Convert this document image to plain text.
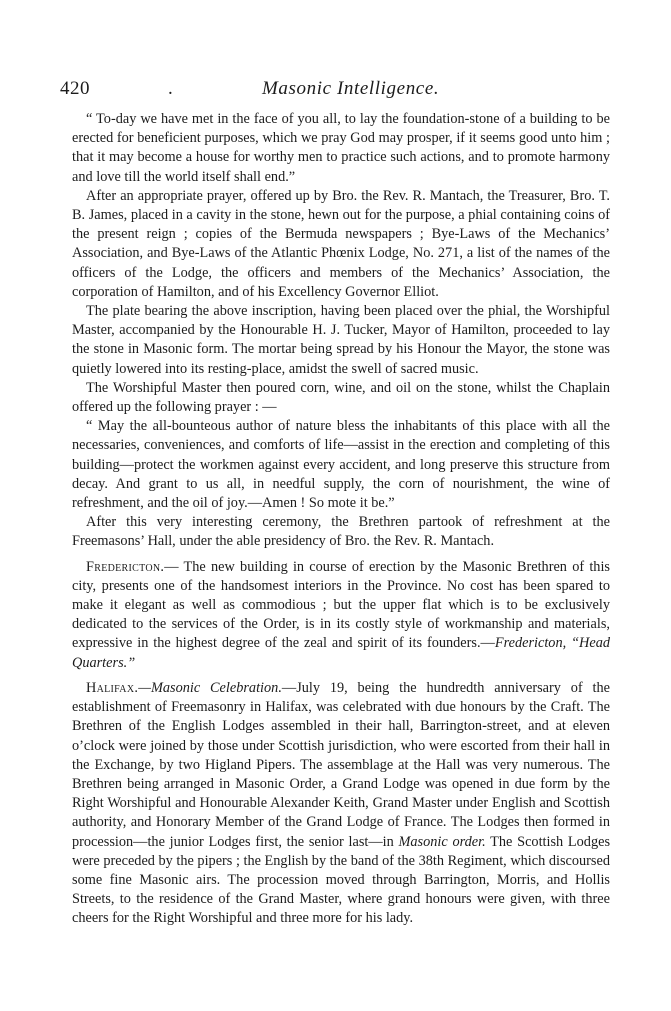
420	.	Masonic Intelligence.

“ To-day we have met in the face of you all, to lay the foundation-stone of a building to be erected for beneficient purposes, which we pray God may prosper, if it seems good unto him ; that it may become a house for worthy men to practice such actions, and to promote harmony and love till the world itself shall end.”

After an appropriate prayer, offered up by Bro. the Rev. R. Mantach, the Treasurer, Bro. T. B. James, placed in a cavity in the stone, hewn out for the purpose, a phial containing coins of the present reign ; copies of the Bermuda newspapers ; Bye-Laws of the Mechanics’ Association, and Bye-Laws of the Atlantic Phœnix Lodge, No. 271, a list of the names of the officers of the Lodge, the officers and members of the Mechanics’ Association, the corporation of Hamilton, and of his Excellency Governor Elliot.

The plate bearing the above inscription, having been placed over the phial, the Worshipful Master, accompanied by the Honourable H. J. Tucker, Mayor of Hamilton, proceeded to lay the stone in Masonic form. The mortar being spread by his Honour the Mayor, the stone was quietly lowered into its resting-place, amidst the swell of sacred music.

The Worshipful Master then poured corn, wine, and oil on the stone, whilst the Chaplain offered up the following prayer : —

“ May the all-bounteous author of nature bless the inhabitants of this place with all the necessaries, conveniences, and comforts of life—assist in the erection and completing of this building—protect the workmen against every accident, and long preserve this structure from decay. And grant to us all, in needful supply, the corn of nourishment, the wine of refreshment, and the oil of joy.—Amen ! So mote it be.”

After this very interesting ceremony, the Brethren partook of refreshment at the Freemasons’ Hall, under the able presidency of Bro. the Rev. R. Mantach.

Fredericton.— The new building in course of erection by the Masonic Brethren of this city, presents one of the handsomest interiors in the Province. No cost has been spared to make it elegant as well as commodious ; but the upper flat which is to be exclusively dedicated to the services of the Order, is in its costly style of workmanship and materials, expressive in the highest degree of the zeal and spirit of its founders.—Fredericton, “Head Quarters.”

Halifax.—Masonic Celebration.—July 19, being the hundredth anniversary of the establishment of Freemasonry in Halifax, was celebrated with due honours by the Craft. The Brethren of the English Lodges assembled in their hall, Barrington-street, and at eleven o’clock were joined by those under Scottish jurisdiction, who were escorted from their hall in the Exchange, by two Higland Pipers. The assemblage at the Hall was very numerous. The Brethren being arranged in Masonic Order, a Grand Lodge was opened in due form by the Right Worshipful and Honourable Alexander Keith, Grand Master under English and Scottish authority, and Honorary Member of the Grand Lodge of France. The Lodges then formed in procession—the junior Lodges first, the senior last—in Masonic order. The Scottish Lodges were preceded by the pipers ; the English by the band of the 38th Regiment, which discoursed some fine Masonic airs. The procession moved through Barrington, Morris, and Hollis Streets, to the residence of the Grand Master, where grand honours were given, with three cheers for the Right Worshipful and three more for his lady.
